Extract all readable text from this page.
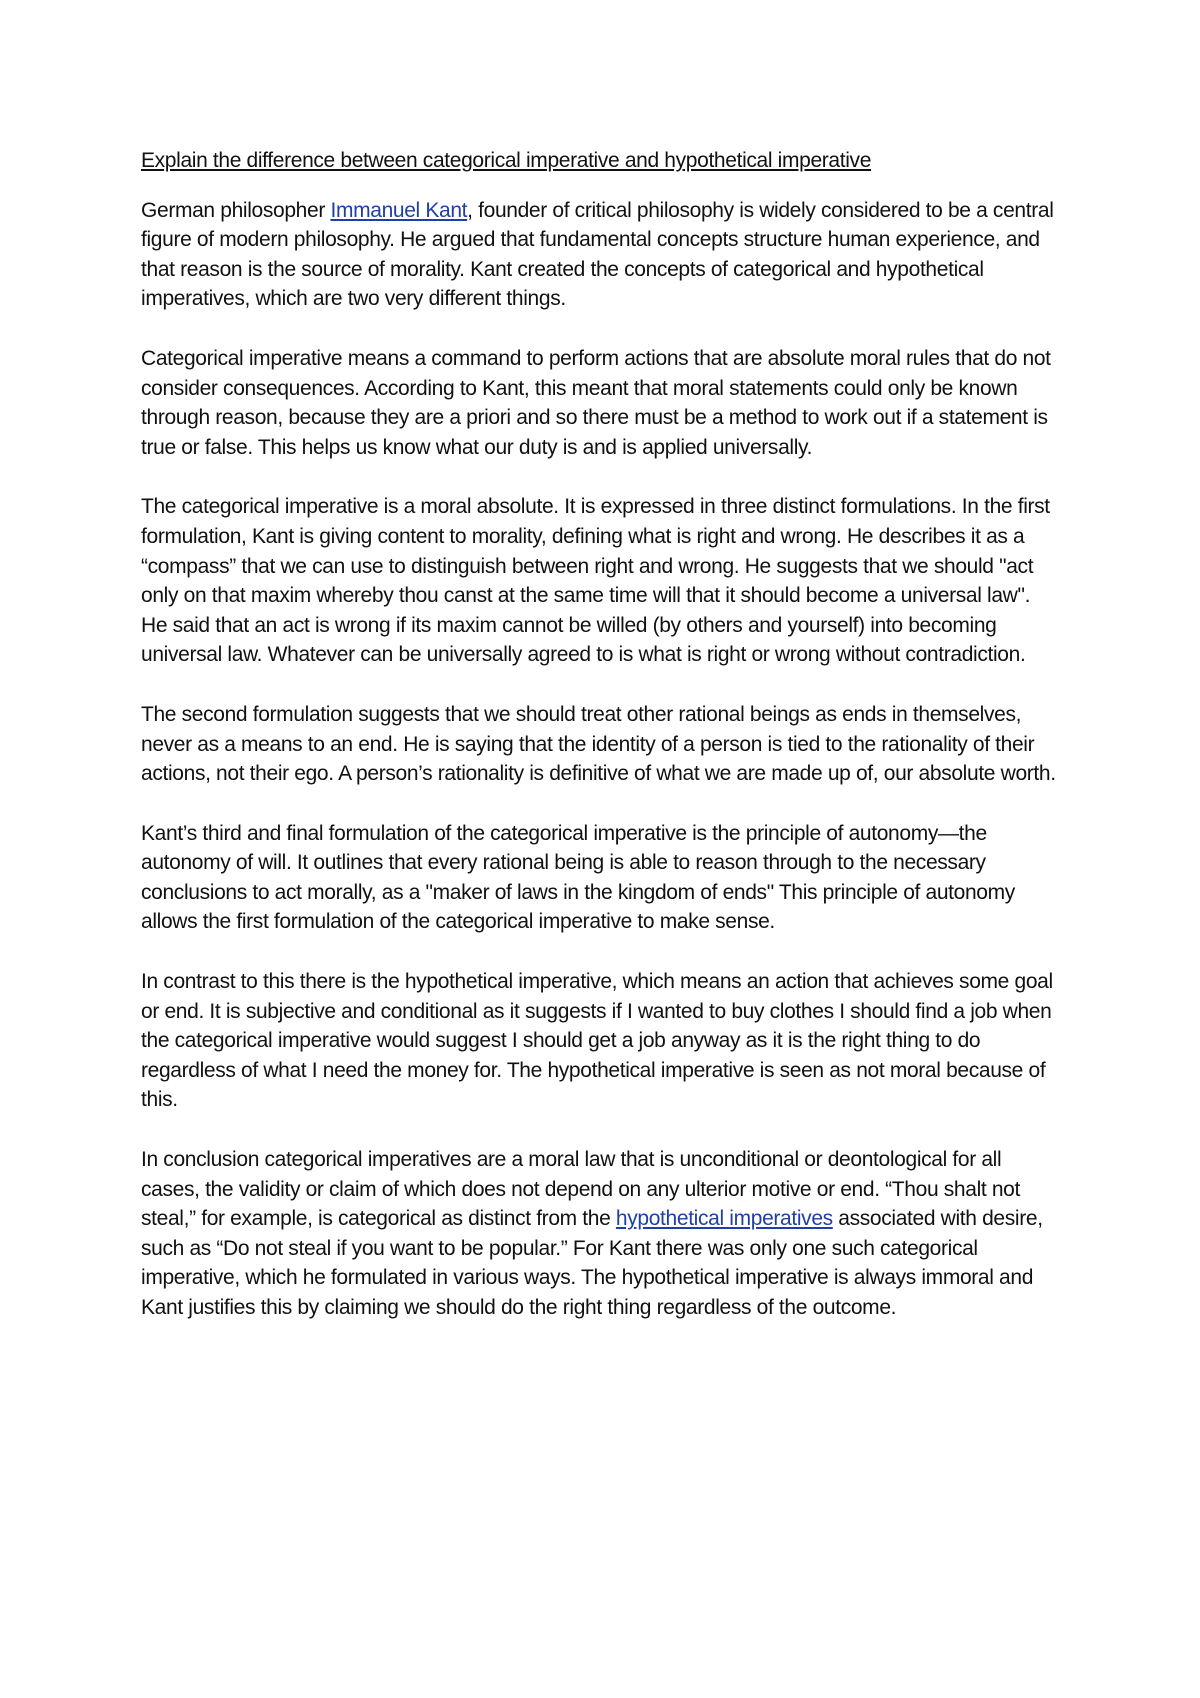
Explain the difference between categorical imperative and hypothetical imperative

German philosopher Immanuel Kant, founder of critical philosophy is widely considered to be a central figure of modern philosophy. He argued that fundamental concepts structure human experience, and that reason is the source of morality. Kant created the concepts of categorical and hypothetical imperatives, which are two very different things.

Categorical imperative means a command to perform actions that are absolute moral rules that do not consider consequences. According to Kant, this meant that moral statements could only be known through reason, because they are a priori and so there must be a method to work out if a statement is true or false. This helps us know what our duty is and is applied universally.

The categorical imperative is a moral absolute. It is expressed in three distinct formulations. In the first formulation, Kant is giving content to morality, defining what is right and wrong. He describes it as a “compass” that we can use to distinguish between right and wrong. He suggests that we should "act only on that maxim whereby thou canst at the same time will that it should become a universal law". He said that an act is wrong if its maxim cannot be willed (by others and yourself) into becoming universal law. Whatever can be universally agreed to is what is right or wrong without contradiction.

The second formulation suggests that we should treat other rational beings as ends in themselves, never as a means to an end. He is saying that the identity of a person is tied to the rationality of their actions, not their ego. A person’s rationality is definitive of what we are made up of, our absolute worth.

Kant’s third and final formulation of the categorical imperative is the principle of autonomy—the autonomy of will. It outlines that every rational being is able to reason through to the necessary conclusions to act morally, as a "maker of laws in the kingdom of ends" This principle of autonomy allows the first formulation of the categorical imperative to make sense.

In contrast to this there is the hypothetical imperative, which means an action that achieves some goal or end. It is subjective and conditional as it suggests if I wanted to buy clothes I should find a job when the categorical imperative would suggest I should get a job anyway as it is the right thing to do regardless of what I need the money for. The hypothetical imperative is seen as not moral because of this.

In conclusion categorical imperatives are a moral law that is unconditional or deontological for all cases, the validity or claim of which does not depend on any ulterior motive or end. “Thou shalt not steal,” for example, is categorical as distinct from the hypothetical imperatives associated with desire, such as “Do not steal if you want to be popular.” For Kant there was only one such categorical imperative, which he formulated in various ways. The hypothetical imperative is always immoral and Kant justifies this by claiming we should do the right thing regardless of the outcome.
